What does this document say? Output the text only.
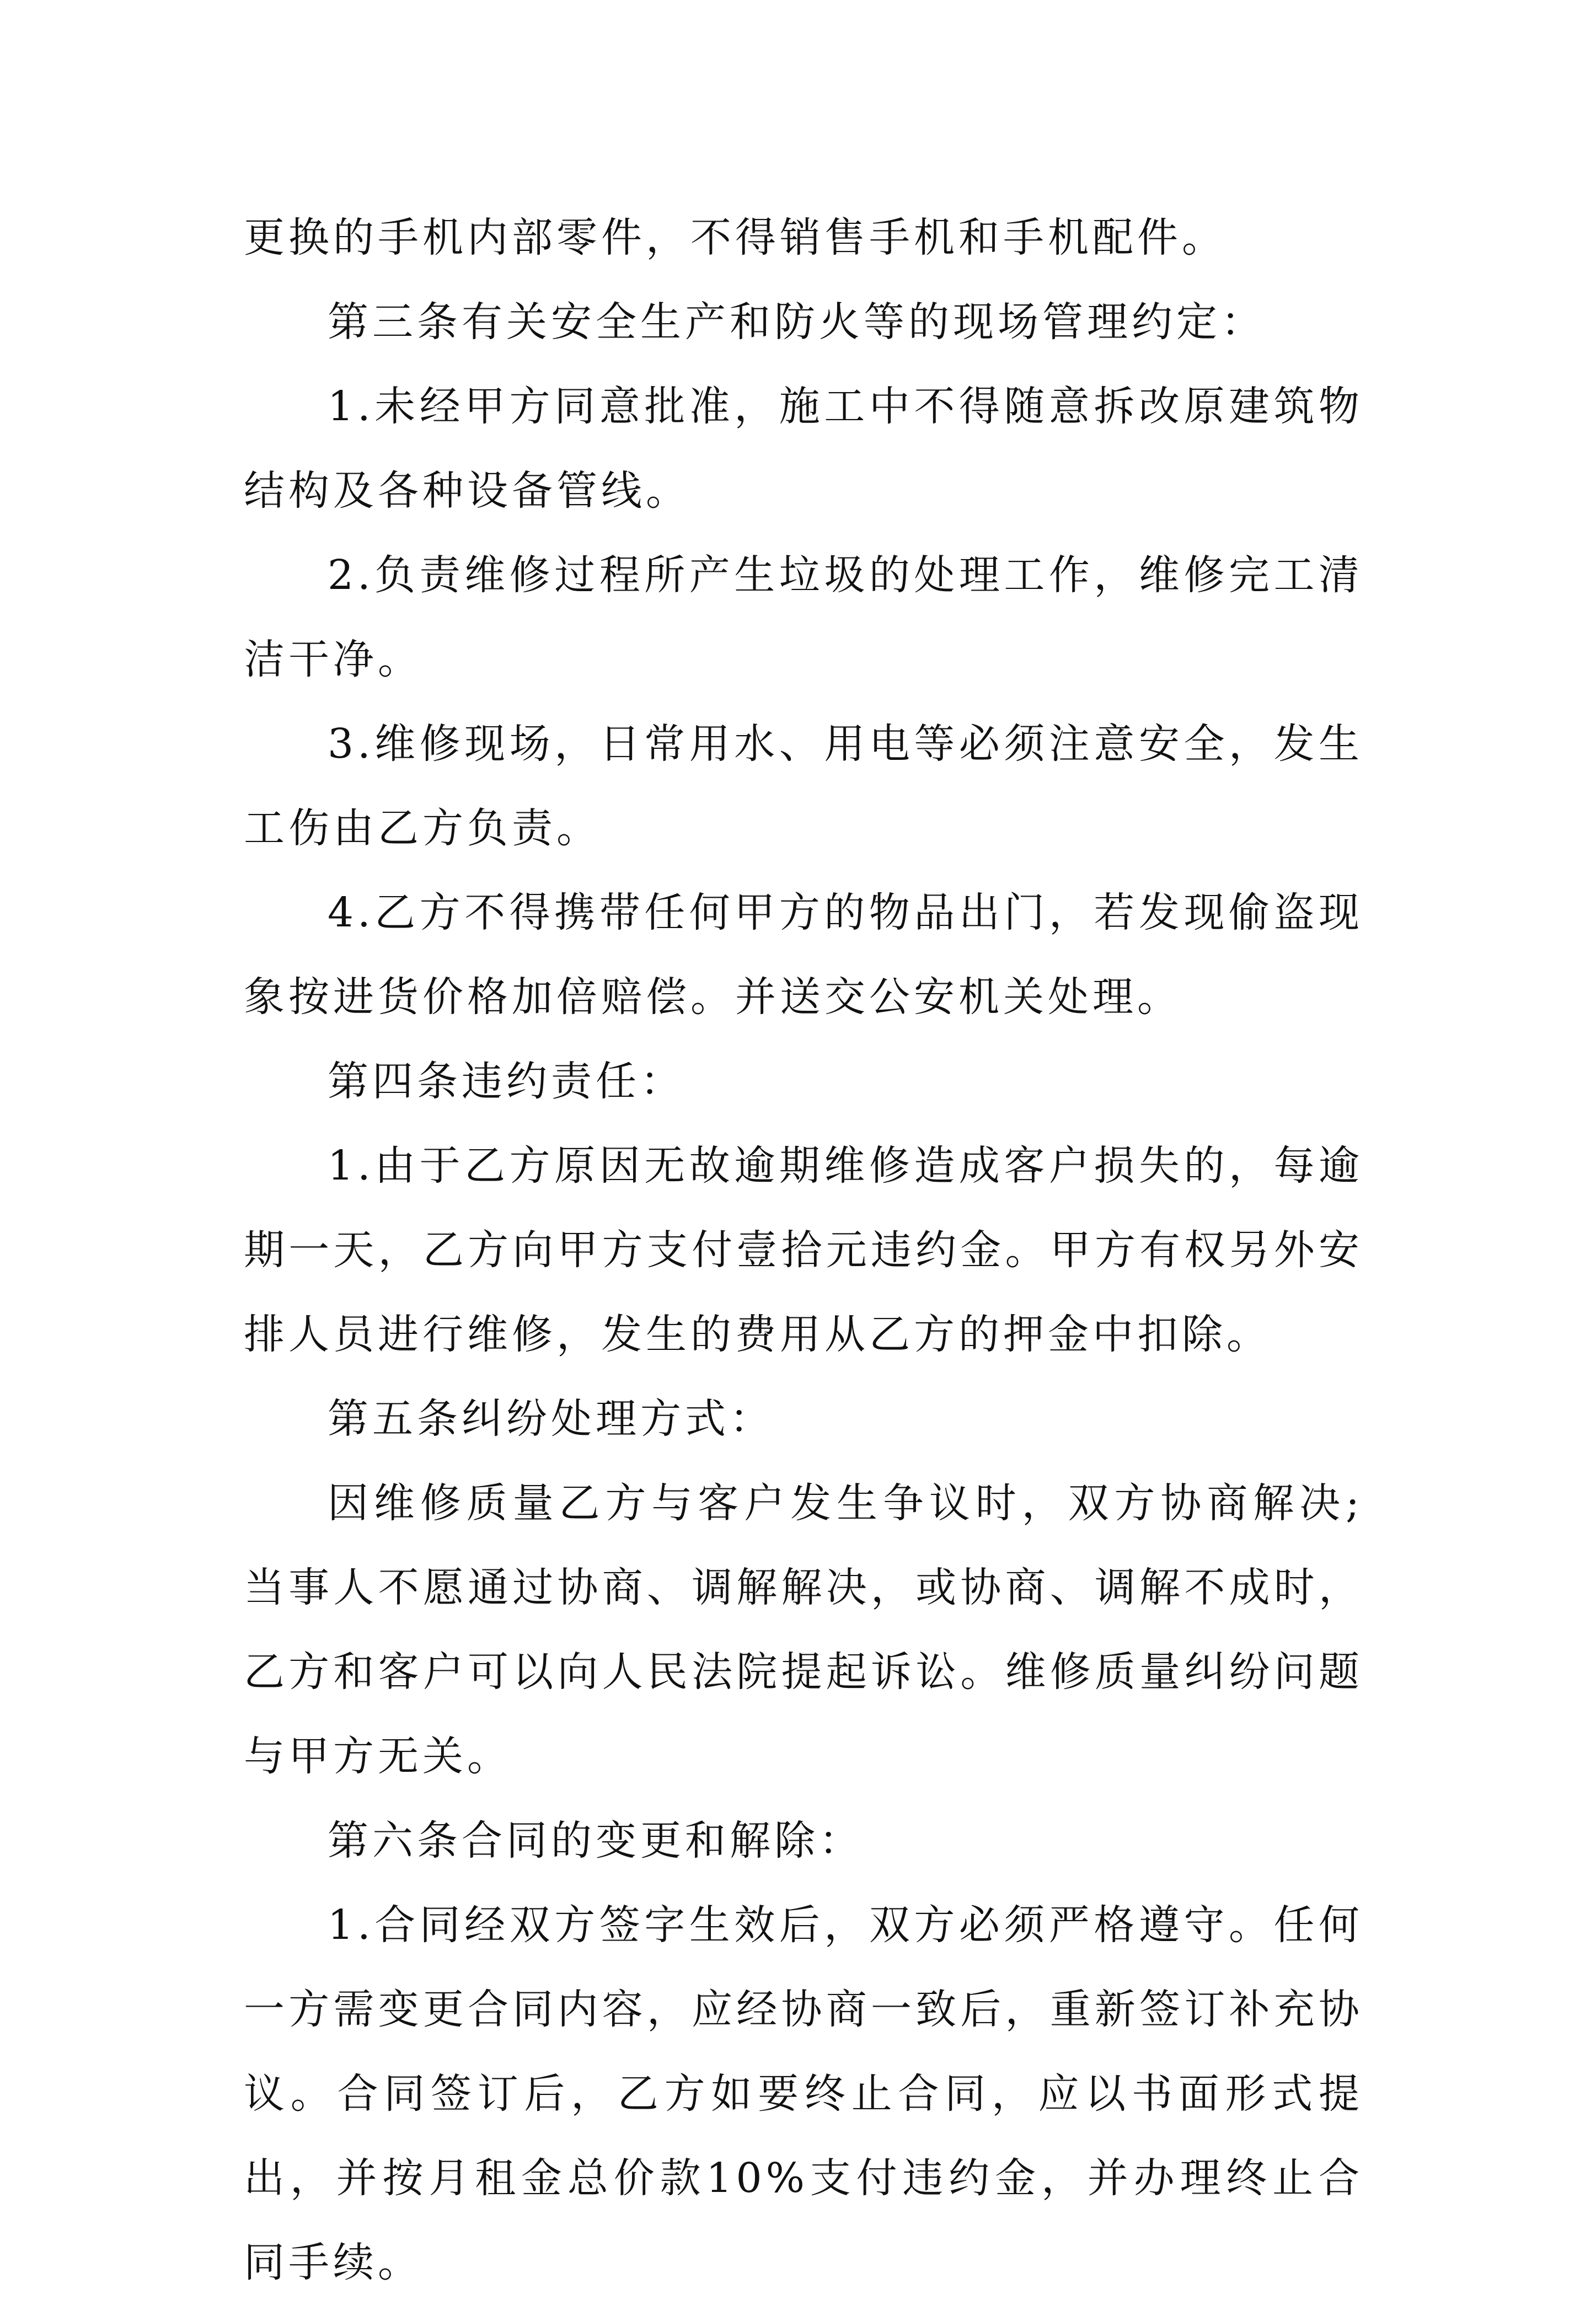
更换的手机内部零件，不得销售手机和手机配件。

第三条有关安全生产和防火等的现场管理约定：

1.未经甲方同意批准，施工中不得随意拆改原建筑物结构及各种设备管线。

2.负责维修过程所产生垃圾的处理工作，维修完工清洁干净。

3.维修现场，日常用水、用电等必须注意安全，发生工伤由乙方负责。

4.乙方不得携带任何甲方的物品出门，若发现偷盗现象按进货价格加倍赔偿。并送交公安机关处理。

第四条违约责任：

1.由于乙方原因无故逾期维修造成客户损失的，每逾期一天，乙方向甲方支付壹拾元违约金。甲方有权另外安排人员进行维修，发生的费用从乙方的押金中扣除。

第五条纠纷处理方式：

因维修质量乙方与客户发生争议时，双方协商解决;当事人不愿通过协商、调解解决，或协商、调解不成时，乙方和客户可以向人民法院提起诉讼。维修质量纠纷问题与甲方无关。

第六条合同的变更和解除：

1.合同经双方签字生效后，双方必须严格遵守。任何一方需变更合同内容，应经协商一致后，重新签订补充协议。合同签订后，乙方如要终止合同，应以书面形式提出，并按月租金总价款10%支付违约金，并办理终止合同手续。
